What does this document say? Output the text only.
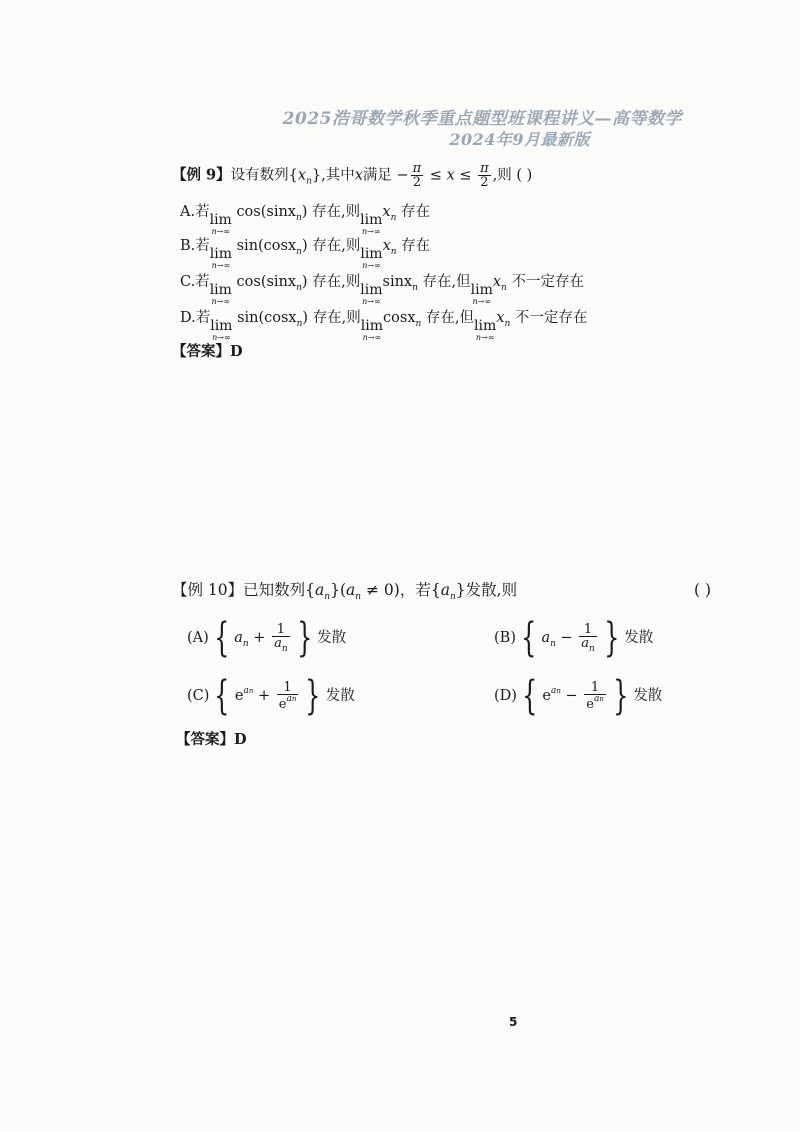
2025浩哥数学秋季重点题型班课程讲义—高等数学
2024年9月最新版
【例 9】设有数列$\{x_n\}$,其中x满足 − $\frac{\pi}{2} \le x \le \frac{\pi}{2}$ ,则 ( )
A.若 lim
n→∞
cos(sinx$_n$) 存在,则 lim
n→∞
$x_n$ 存在
B.若 lim
n→∞
sin(cosx$_n$) 存在,则 lim
n→∞
$x_n$ 存在
C.若 lim
n→∞
cos(sinx$_n$) 存在,则 lim
n→∞
sinx$_n$ 存在,但 lim
n→∞
$x_n$ 不一定存在
D.若 lim
n→∞
sin(cosx$_n$) 存在,则 lim
n→∞
cosx$_n$ 存在,但 lim
n→∞
$x_n$ 不一定存在
【答案】D
【例 10】已知数列$\{a_n\}(a_n \ne 0)$，若$\{a_n\}$发散,则	( )
(A) { $a_n + \frac{1}{a_n}$ } 发散	(B) { $a_n - \frac{1}{a_n}$ } 发散
(C) { $e^{an} + \frac{1}{e^{an}}$ } 发散	(D) { $e^{an} - \frac{1}{e^{an}}$ } 发散
【答案】D
5
